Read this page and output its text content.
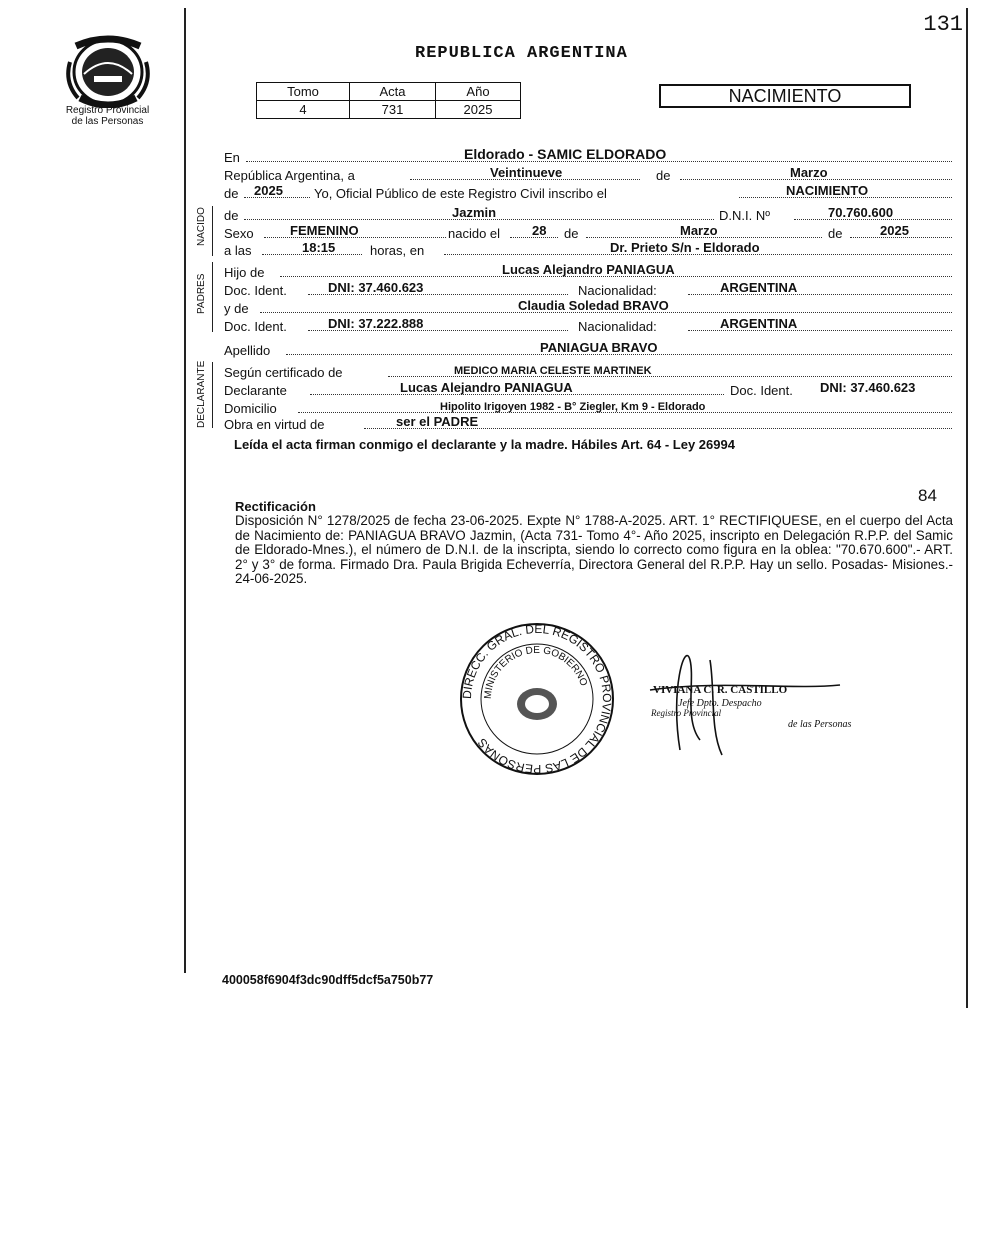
Registro Provincial
de las Personas
131
REPUBLICA ARGENTINA
Tomo	Acta	Año
4	731	2025
NACIMIENTO
En	Eldorado - SAMIC ELDORADO
República Argentina, a	Veintinueve	de	Marzo
de 2025 Yo, Oficial Público de este Registro Civil inscribo el	NACIMIENTO
NACIDO de	Jazmin	D.N.I. Nº	70.760.600
Sexo	FEMENINO	nacido el 28 de	Marzo	de	2025
a las	18:15	horas, en	Dr. Prieto S/n - Eldorado
PADRES
Hijo de	Lucas Alejandro PANIAGUA
Doc. Ident.	DNI: 37.460.623	Nacionalidad:	ARGENTINA
y de	Claudia Soledad BRAVO
Doc. Ident.	DNI: 37.222.888	Nacionalidad:	ARGENTINA
Apellido	PANIAGUA BRAVO
DECLARANTE Según certificado de	MEDICO MARIA CELESTE MARTINEK
Declarante	Lucas Alejandro PANIAGUA	Doc. Ident. DNI: 37.460.623
Domicilio	Hipolito Irigoyen 1982 - B° Ziegler, Km 9 - Eldorado
Obra en virtud de	ser el PADRE
Leída el acta firman conmigo el declarante y la madre. Hábiles Art. 64 - Ley 26994
84
Rectificación
Disposición N° 1278/2025 de fecha 23-06-2025. Expte N° 1788-A-2025. ART. 1° RECTIFIQUESE, en el cuerpo del Acta de Nacimiento de: PANIAGUA BRAVO Jazmin, (Acta 731- Tomo 4°- Año 2025, inscripto en Delegación R.P.P. del Samic de Eldorado-Mnes.), el número de D.N.I. de la inscripta, siendo lo correcto como figura en la oblea: "70.670.600".- ART. 2° y 3° de forma. Firmado Dra. Paula Brigida Echeverría, Directora General del R.P.P. Hay un sello. Posadas- Misiones.- 24-06-2025.
DIRECC. GRAL. DEL REGISTRO PROVINCIAL DE LAS PERSONAS
MINISTERIO DE GOBIERNO
VIVIANA C. R. CASTILLO
Jefe Dpto. Despacho
Registro Provincial
de las Personas
400058f6904f3dc90dff5dcf5a750b77
